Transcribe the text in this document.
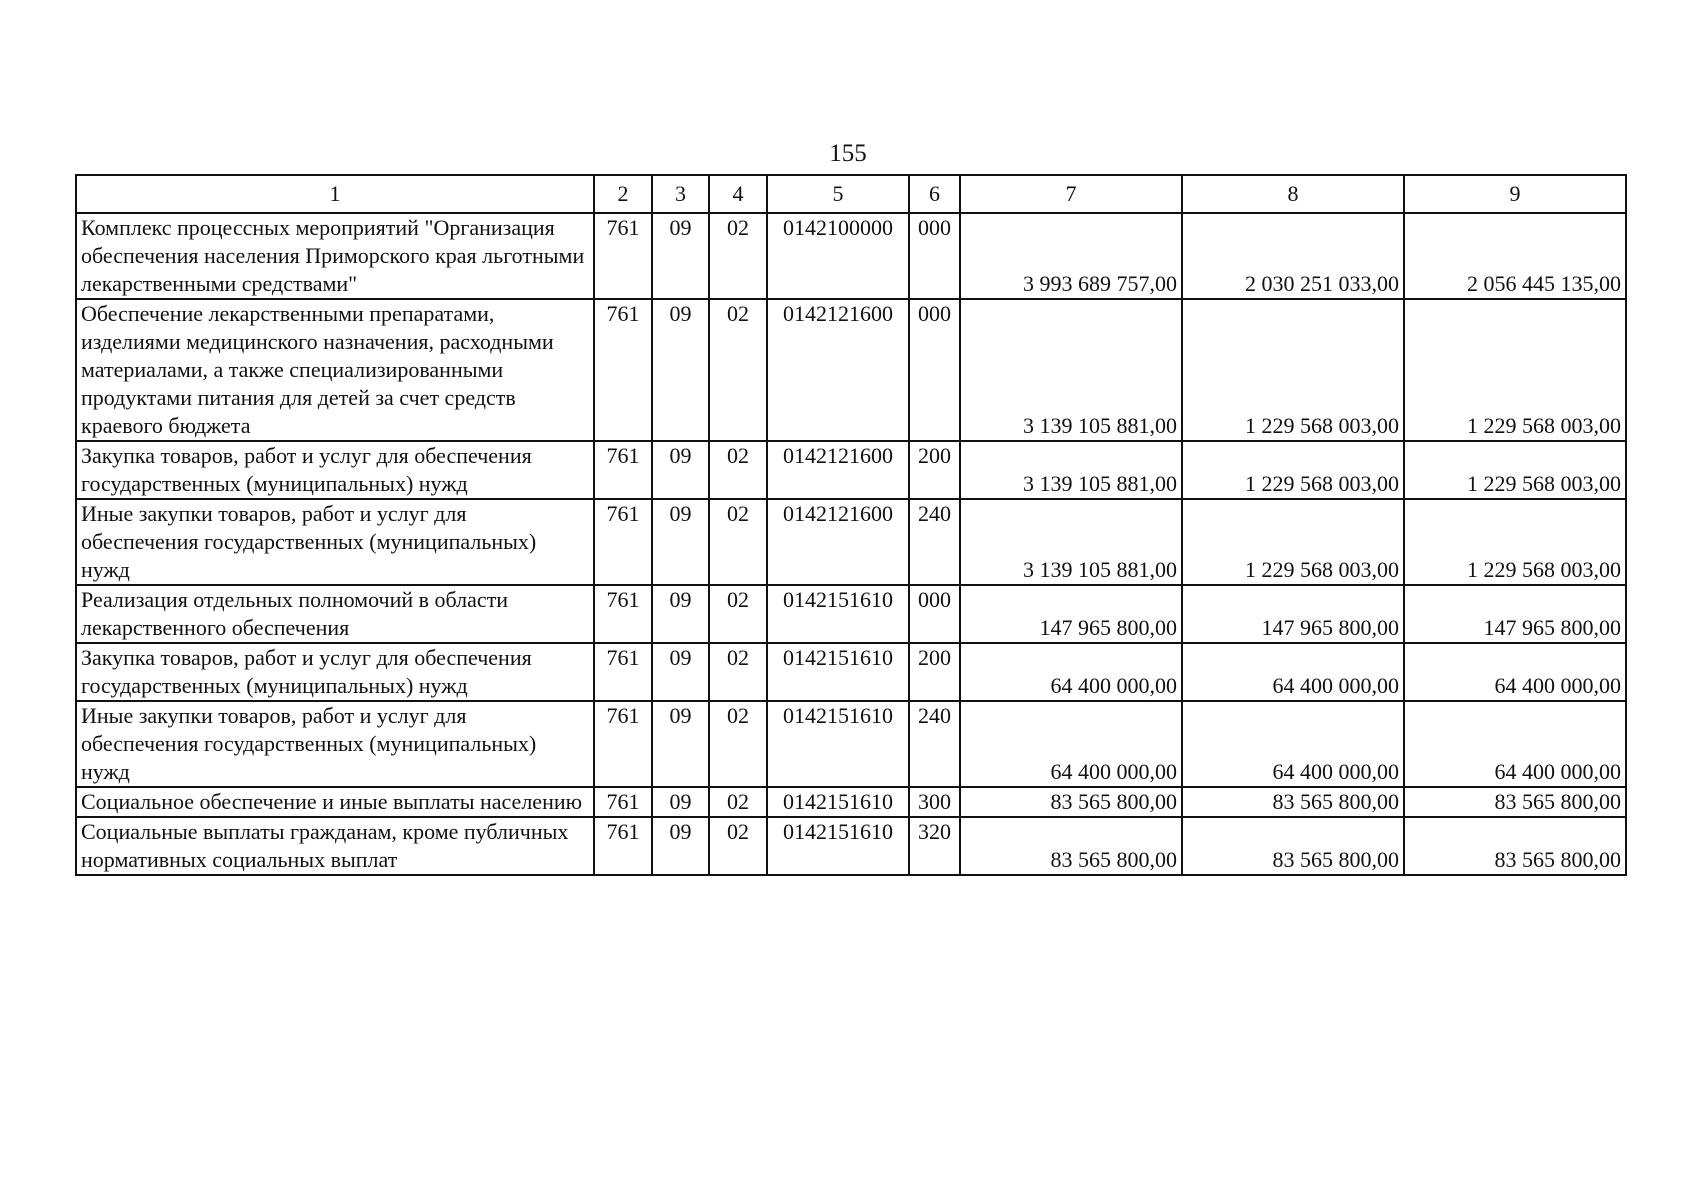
155
1	2	3	4	5	6	7	8	9
Комплекс процессных мероприятий "Организация обеспечения населения Приморского края льготными лекарственными средствами"	761	09	02	0142100000	000	3 993 689 757,00	2 030 251 033,00	2 056 445 135,00
Обеспечение лекарственными препаратами, изделиями медицинского назначения, расходными материалами, а также специализированными продуктами питания для детей за счет средств краевого бюджета	761	09	02	0142121600	000	3 139 105 881,00	1 229 568 003,00	1 229 568 003,00
Закупка товаров, работ и услуг для обеспечения государственных (муниципальных) нужд	761	09	02	0142121600	200	3 139 105 881,00	1 229 568 003,00	1 229 568 003,00
Иные закупки товаров, работ и услуг для обеспечения государственных (муниципальных) нужд	761	09	02	0142121600	240	3 139 105 881,00	1 229 568 003,00	1 229 568 003,00
Реализация отдельных полномочий в области лекарственного обеспечения	761	09	02	0142151610	000	147 965 800,00	147 965 800,00	147 965 800,00
Закупка товаров, работ и услуг для обеспечения государственных (муниципальных) нужд	761	09	02	0142151610	200	64 400 000,00	64 400 000,00	64 400 000,00
Иные закупки товаров, работ и услуг для обеспечения государственных (муниципальных) нужд	761	09	02	0142151610	240	64 400 000,00	64 400 000,00	64 400 000,00
Социальное обеспечение и иные выплаты населению	761	09	02	0142151610	300	83 565 800,00	83 565 800,00	83 565 800,00
Социальные выплаты гражданам, кроме публичных нормативных социальных выплат	761	09	02	0142151610	320	83 565 800,00	83 565 800,00	83 565 800,00
